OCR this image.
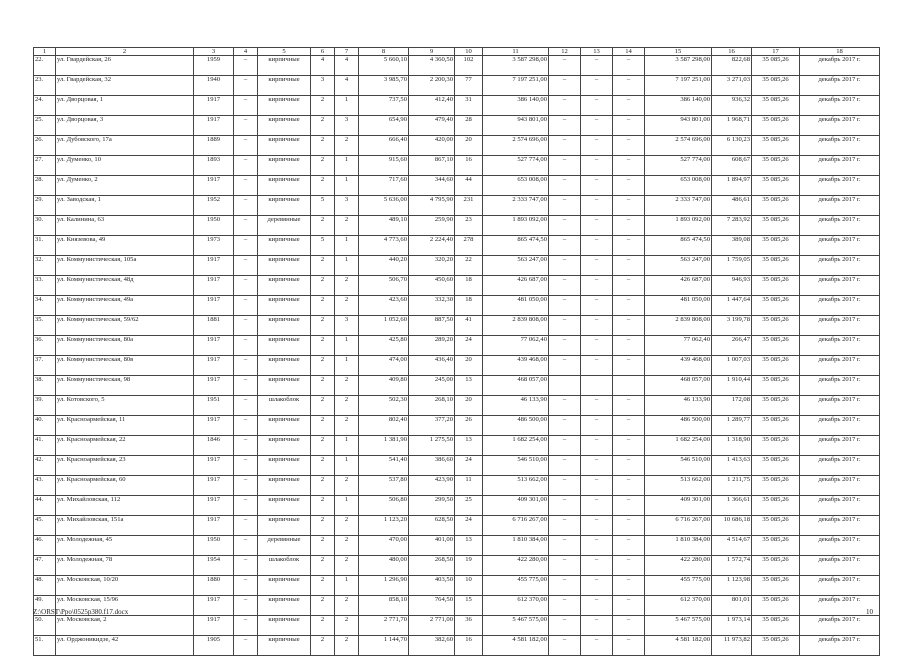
1	2	3	4	5	6	7	8	9	10	11	12	13	14	15	16	17	18
22.	ул. Гвардейская, 26	1959	–	кирпичные	4	4	5 660,10	4 360,50	102	3 587 298,00	–	–	–	3 587 298,00	822,68	35 085,26	декабрь 2017 г.
23.	ул. Гвардейская, 32	1940	–	кирпичные	3	4	3 985,70	2 200,30	77	7 197 251,00	–	–	–	7 197 251,00	3 271,03	35 085,26	декабрь 2017 г.
24.	ул. Дворцовая, 1	1917	–	кирпичные	2	1	737,50	412,40	31	386 140,00	–	–	–	386 140,00	936,32	35 085,26	декабрь 2017 г.
25.	ул. Дворцовая, 3	1917	–	кирпичные	2	3	654,90	479,40	28	943 801,00	–	–	–	943 801,00	1 968,71	35 085,26	декабрь 2017 г.
26.	ул. Дубовского, 17а	1889	–	кирпичные	2	2	666,40	420,00	20	2 574 696,00	–	–	–	2 574 696,00	6 130,23	35 085,26	декабрь 2017 г.
27.	ул. Думенко, 10	1893	–	кирпичные	2	1	915,60	867,10	16	527 774,00	–	–	–	527 774,00	608,67	35 085,26	декабрь 2017 г.
28.	ул. Думенко, 2	1917	–	кирпичные	2	1	717,60	344,60	44	653 008,00	–	–	–	653 008,00	1 894,97	35 085,26	декабрь 2017 г.
29.	ул. Заводская, 1	1952	–	кирпичные	5	3	5 636,00	4 795,90	231	2 333 747,00	–	–	–	2 333 747,00	486,61	35 085,26	декабрь 2017 г.
30.	ул. Калинина, 63	1950	–	деревянные	2	2	489,10	259,90	23	1 893 092,00	–	–	–	1 893 092,00	7 283,92	35 085,26	декабрь 2017 г.
31.	ул. Князевова, 49	1973	–	кирпичные	5	1	4 773,60	2 224,40	278	865 474,50	–	–	–	865 474,50	389,08	35 085,26	декабрь 2017 г.
32.	ул. Коммунистическая, 105а	1917	–	кирпичные	2	1	440,20	320,20	22	563 247,00	–	–	–	563 247,00	1 759,05	35 085,26	декабрь 2017 г.
33.	ул. Коммунистическая, 48д	1917	–	кирпичные	2	2	506,70	450,60	18	426 687,00	–	–	–	426 687,00	946,93	35 085,26	декабрь 2017 г.
34.	ул. Коммунистическая, 49а	1917	–	кирпичные	2	2	423,60	332,30	18	481 050,00	–	–	–	481 050,00	1 447,64	35 085,26	декабрь 2017 г.
35.	ул. Коммунистическая, 59/62	1881	–	кирпичные	2	3	1 052,60	887,50	41	2 839 808,00	–	–	–	2 839 808,00	3 199,78	35 085,26	декабрь 2017 г.
36.	ул. Коммунистическая, 80а	1917	–	кирпичные	2	1	425,80	289,20	24	77 062,40	–	–	–	77 062,40	266,47	35 085,26	декабрь 2017 г.
37.	ул. Коммунистическая, 80в	1917	–	кирпичные	2	1	474,00	436,40	20	439 468,00	–	–	–	439 468,00	1 007,03	35 085,26	декабрь 2017 г.
38.	ул. Коммунистическая, 98	1917	–	кирпичные	2	2	409,80	245,00	13	468 057,00				468 057,00	1 910,44	35 085,26	декабрь 2017 г.
39.	ул. Котовского, 5	1951	–	шлакоблок	2	2	502,30	268,10	20	46 133,90	–	–	–	46 133,90	172,08	35 085,26	декабрь 2017 г.
40.	ул. Красноармейская, 11	1917	–	кирпичные	2	2	802,40	377,20	26	486 500,00	–	–	–	486 500,00	1 289,77	35 085,26	декабрь 2017 г.
41.	ул. Красноармейская, 22	1846	–	кирпичные	2	1	1 381,90	1 275,50	13	1 682 254,00	–	–	–	1 682 254,00	1 318,90	35 085,26	декабрь 2017 г.
42.	ул. Красноармейская, 23	1917	–	кирпичные	2	1	541,40	386,60	24	546 510,00	–	–	–	546 510,00	1 413,63	35 085,26	декабрь 2017 г.
43.	ул. Красноармейская, 60	1917	–	кирпичные	2	2	537,80	423,90	11	513 662,00	–	–	–	513 662,00	1 211,75	35 085,26	декабрь 2017 г.
44.	ул. Михайловская, 112	1917	–	кирпичные	2	1	506,80	299,50	25	409 301,00	–	–	–	409 301,00	1 366,61	35 085,26	декабрь 2017 г.
45.	ул. Михайловская, 151а	1917	–	кирпичные	2	2	1 123,20	628,50	24	6 716 267,00	–	–	–	6 716 267,00	10 686,18	35 085,26	декабрь 2017 г.
46.	ул. Молодежная, 45	1950	–	деревянные	2	2	470,00	401,00	13	1 810 384,00	–	–	–	1 810 384,00	4 514,67	35 085,26	декабрь 2017 г.
47.	ул. Молодежная, 78	1954	–	шлакоблок	2	2	480,00	268,50	19	422 280,00	–	–	–	422 280,00	1 572,74	35 085,26	декабрь 2017 г.
48.	ул. Московская, 10/20	1880	–	кирпичные	2	1	1 296,90	403,50	10	455 775,00	–	–	–	455 775,00	1 123,98	35 085,26	декабрь 2017 г.
49.	ул. Московская, 15/96	1917	–	кирпичные	2	2	858,10	764,50	15	612 370,00	–	–	–	612 370,00	801,01	35 085,26	декабрь 2017 г.
50.	ул. Московская, 2	1917	–	кирпичные	2	2	2 771,70	2 771,00	36	5 467 575,00	–	–	–	5 467 575,00	1 973,14	35 085,26	декабрь 2017 г.
51.	ул. Орджоникидзе, 42	1905	–	кирпичные	2	2	1 144,70	382,60	16	4 581 182,00	–	–	–	4 581 182,00	11 973,82	35 085,26	декабрь 2017 г.
Z:\ORST\Ppo\0525p380.f17.docx	10
